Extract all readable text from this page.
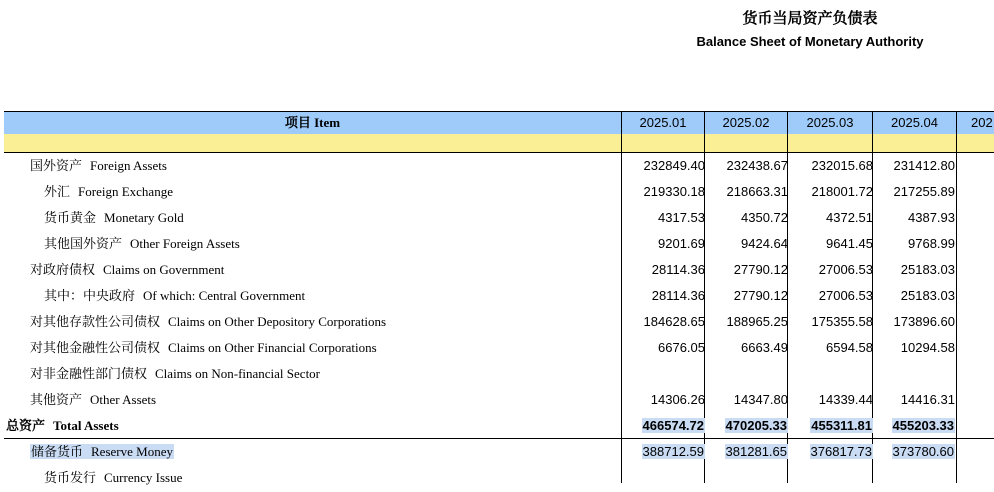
货币当局资产负债表
Balance Sheet of Monetary Authority
项目 Item	2025.01	2025.02	2025.03	2025.04	202
国外资产 Foreign Assets	232849.40	232438.67	232015.68	231412.80
外汇 Foreign Exchange	219330.18	218663.31	218001.72	217255.89
货币黄金 Monetary Gold	4317.53	4350.72	4372.51	4387.93
其他国外资产 Other Foreign Assets	9201.69	9424.64	9641.45	9768.99
对政府债权 Claims on Government	28114.36	27790.12	27006.53	25183.03
其中：中央政府 Of which: Central Government	28114.36	27790.12	27006.53	25183.03
对其他存款性公司债权 Claims on Other Depository Corporations	184628.65	188965.25	175355.58	173896.60
对其他金融性公司债权 Claims on Other Financial Corporations	6676.05	6663.49	6594.58	10294.58
对非金融性部门债权 Claims on Non-financial Sector
其他资产 Other Assets	14306.26	14347.80	14339.44	14416.31
总资产 Total Assets	466574.72	470205.33	455311.81	455203.33
储备货币 Reserve Money	388712.59	381281.65	376817.73	373780.60
货币发行 Currency Issue
